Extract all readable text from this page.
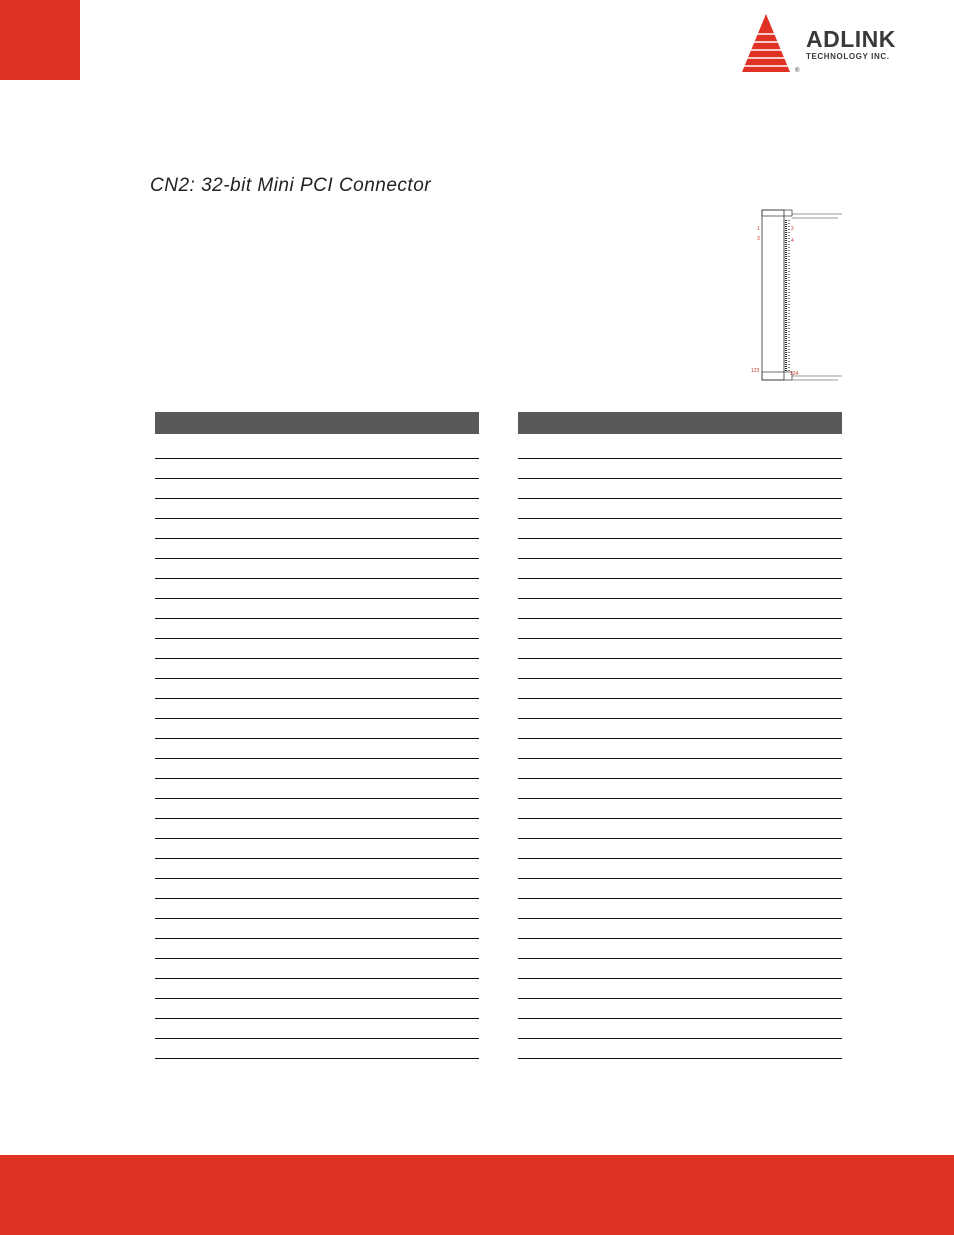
®
ADLINK
TECHNOLOGY INC.
CN2: 32-bit Mini PCI Connector
1	2
3	4
123	124
